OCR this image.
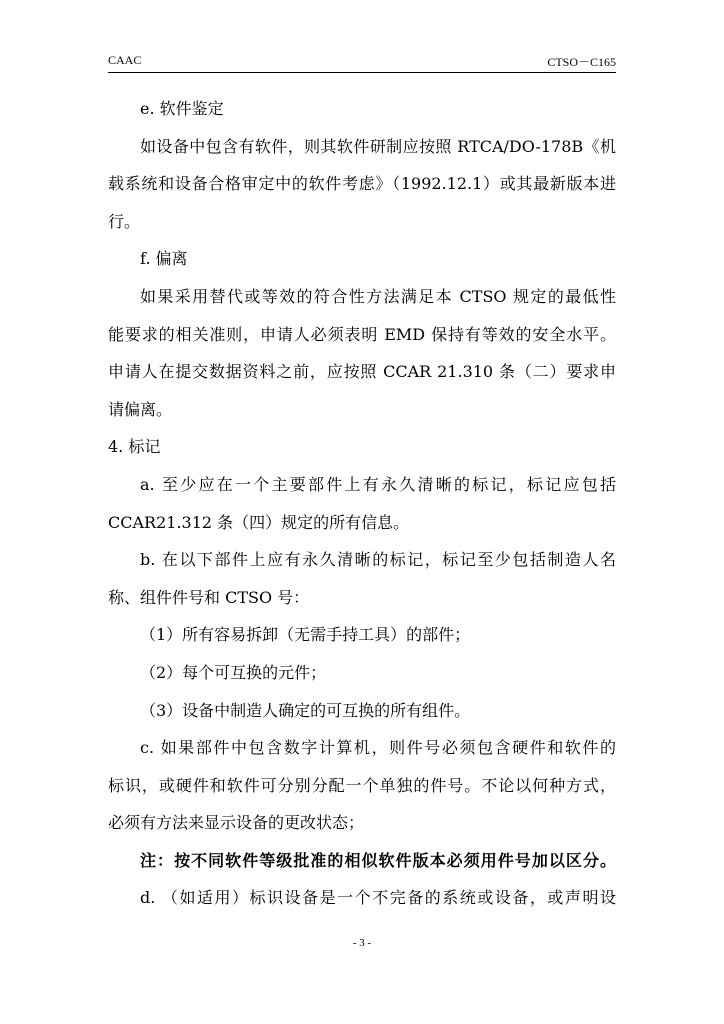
CAAC	CTSO－C165
e. 软件鉴定
如设备中包含有软件，则其软件研制应按照 RTCA/DO-178B《机
载系统和设备合格审定中的软件考虑》（1992.12.1）或其最新版本进
行。
f. 偏离
如果采用替代或等效的符合性方法满足本 CTSO 规定的最低性
能要求的相关准则，申请人必须表明 EMD 保持有等效的安全水平。
申请人在提交数据资料之前，应按照 CCAR 21.310 条（二）要求申
请偏离。
4. 标记
a. 至少应在一个主要部件上有永久清晰的标记，标记应包括
CCAR21.312 条（四）规定的所有信息。
b. 在以下部件上应有永久清晰的标记，标记至少包括制造人名
称、组件件号和 CTSO 号：
（1）所有容易拆卸（无需手持工具）的部件；
（2）每个可互换的元件；
（3）设备中制造人确定的可互换的所有组件。
c. 如果部件中包含数字计算机，则件号必须包含硬件和软件的
标识，或硬件和软件可分别分配一个单独的件号。不论以何种方式，
必须有方法来显示设备的更改状态；
注：按不同软件等级批准的相似软件版本必须用件号加以区分。
d. （如适用）标识设备是一个不完备的系统或设备，或声明设
- 3 -
